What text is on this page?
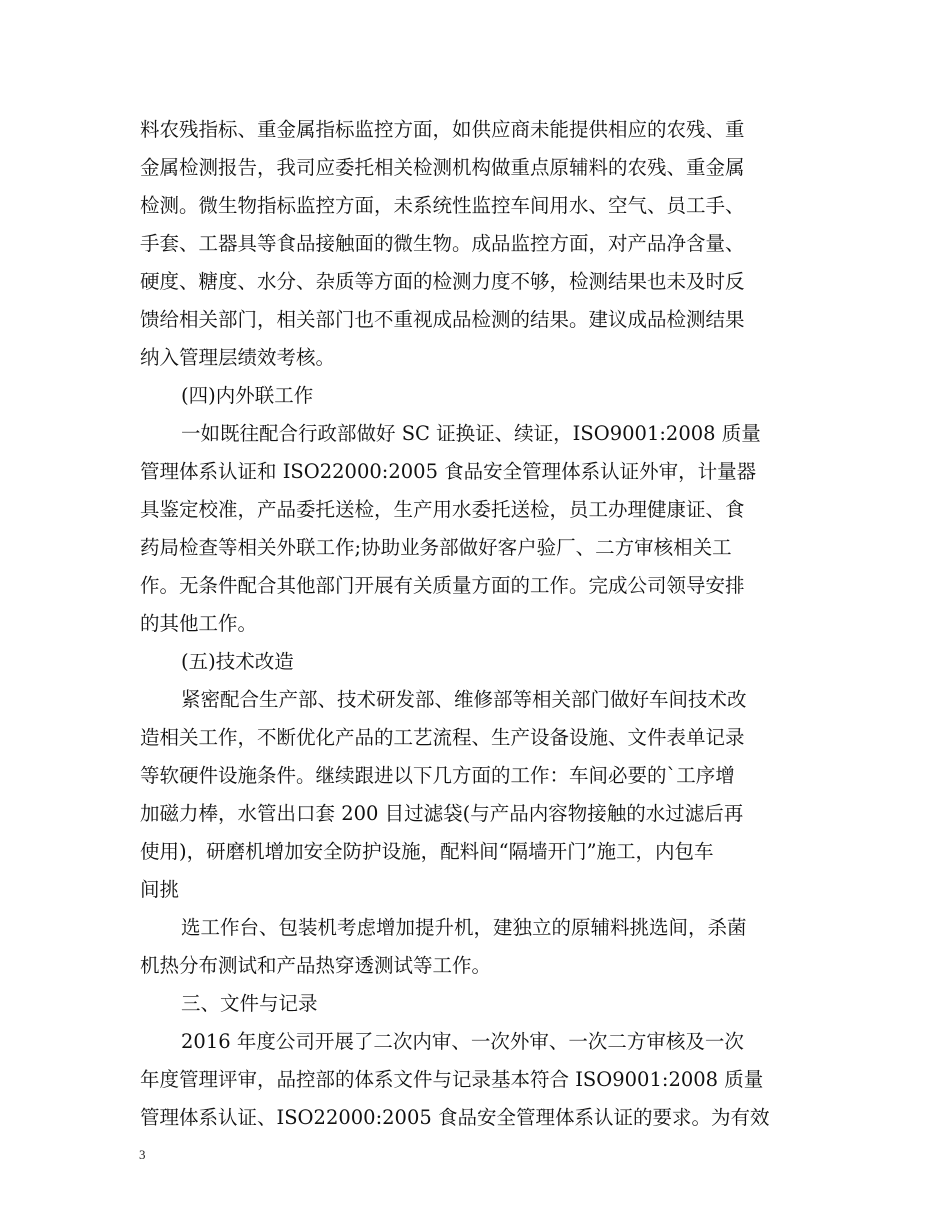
料农残指标、重金属指标监控方面，如供应商未能提供相应的农残、重
金属检测报告，我司应委托相关检测机构做重点原辅料的农残、重金属
检测。微生物指标监控方面，未系统性监控车间用水、空气、员工手、
手套、工器具等食品接触面的微生物。成品监控方面，对产品净含量、
硬度、糖度、水分、杂质等方面的检测力度不够，检测结果也未及时反
馈给相关部门，相关部门也不重视成品检测的结果。建议成品检测结果
纳入管理层绩效考核。
(四)内外联工作
一如既往配合行政部做好 SC 证换证、续证，ISO9001:2008 质量
管理体系认证和 ISO22000:2005 食品安全管理体系认证外审，计量器
具鉴定校准，产品委托送检，生产用水委托送检，员工办理健康证、食
药局检查等相关外联工作;协助业务部做好客户验厂、二方审核相关工
作。无条件配合其他部门开展有关质量方面的工作。完成公司领导安排
的其他工作。
(五)技术改造
紧密配合生产部、技术研发部、维修部等相关部门做好车间技术改
造相关工作，不断优化产品的工艺流程、生产设备设施、文件表单记录
等软硬件设施条件。继续跟进以下几方面的工作：车间必要的`工序增
加磁力棒，水管出口套 200 目过滤袋(与产品内容物接触的水过滤后再
使用)，研磨机增加安全防护设施，配料间“隔墙开门”施工，内包车
间挑
选工作台、包装机考虑增加提升机，建独立的原辅料挑选间，杀菌
机热分布测试和产品热穿透测试等工作。
三、文件与记录
2016 年度公司开展了二次内审、一次外审、一次二方审核及一次
年度管理评审，品控部的体系文件与记录基本符合 ISO9001:2008 质量
管理体系认证、ISO22000:2005 食品安全管理体系认证的要求。为有效
3
